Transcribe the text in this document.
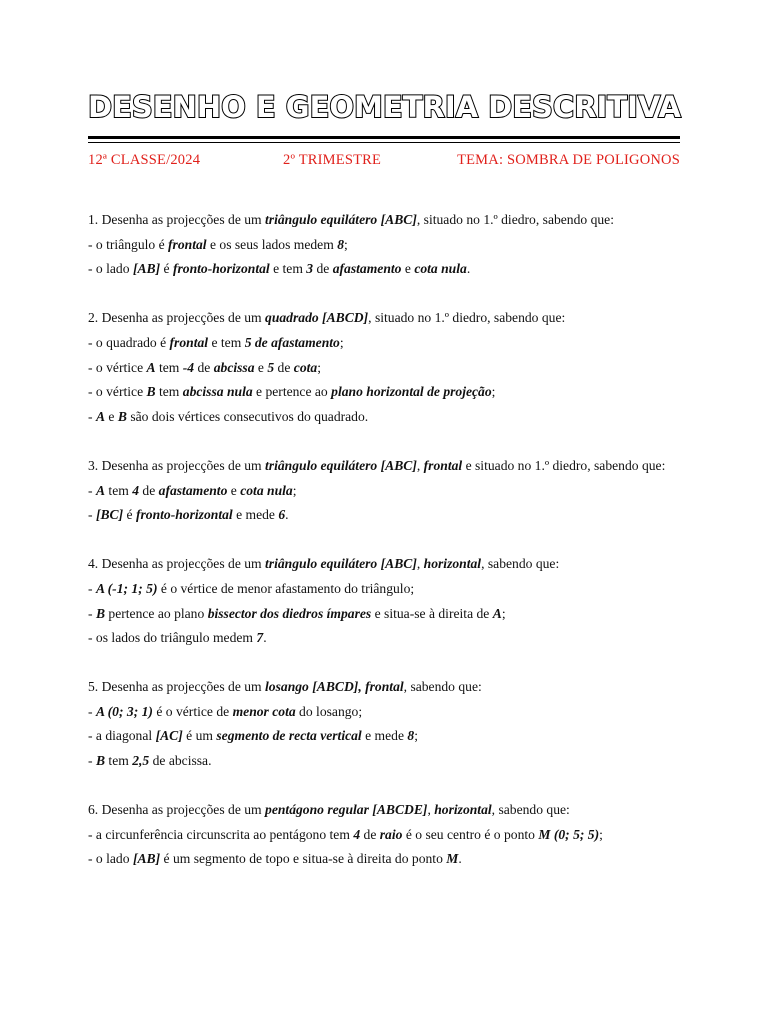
DESENHO E GEOMETRIA DESCRITIVA
12ª CLASSE/2024	2º TRIMESTRE	TEMA: SOMBRA DE POLIGONOS

1. Desenha as projecções de um triângulo equilátero [ABC], situado no 1.º diedro, sabendo que:

- o triângulo é frontal e os seus lados medem 8;

- o lado [AB] é fronto-horizontal e tem 3 de afastamento e cota nula.

2. Desenha as projecções de um quadrado [ABCD], situado no 1.º diedro, sabendo que:

- o quadrado é frontal e tem 5 de afastamento;

- o vértice A tem -4 de abcissa e 5 de cota;

- o vértice B tem abcissa nula e pertence ao plano horizontal de projeção;

- A e B são dois vértices consecutivos do quadrado.

3. Desenha as projecções de um triângulo equilátero [ABC], frontal e situado no 1.º diedro, sabendo que:

- A tem 4 de afastamento e cota nula;

- [BC] é fronto-horizontal e mede 6.

4. Desenha as projecções de um triângulo equilátero [ABC], horizontal, sabendo que:

- A (-1; 1; 5) é o vértice de menor afastamento do triângulo;

- B pertence ao plano bissector dos diedros ímpares e situa-se à direita de A;

- os lados do triângulo medem 7.

5. Desenha as projecções de um losango [ABCD], frontal, sabendo que:

- A (0; 3; 1) é o vértice de menor cota do losango;

- a diagonal [AC] é um segmento de recta vertical e mede 8;

- B tem 2,5 de abcissa.

6. Desenha as projecções de um pentágono regular [ABCDE], horizontal, sabendo que:

- a circunferência circunscrita ao pentágono tem 4 de raio é o seu centro é o ponto M (0; 5; 5);

- o lado [AB] é um segmento de topo e situa-se à direita do ponto M.
